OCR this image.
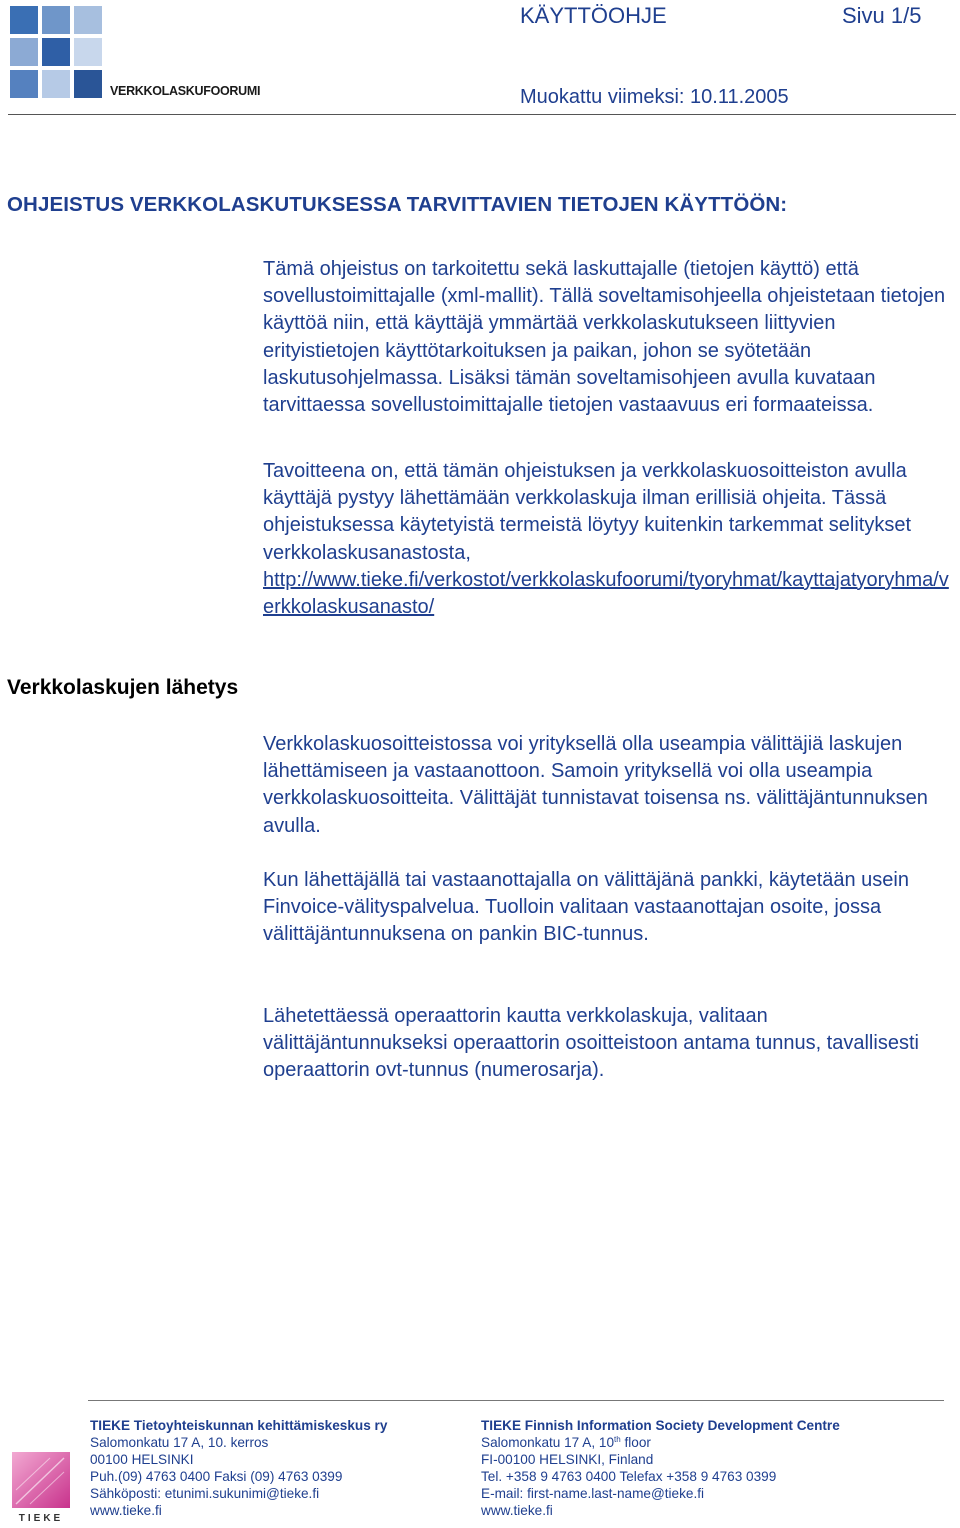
VERKKOLASKUFOORUMI
KÄYTTÖOHJE	Sivu 1/5
Muokattu viimeksi: 10.11.2005
OHJEISTUS VERKKOLASKUTUKSESSA TARVITTAVIEN TIETOJEN KÄYTTÖÖN:

Tämä ohjeistus on tarkoitettu sekä laskuttajalle (tietojen käyttö) että sovellustoimittajalle (xml-mallit). Tällä soveltamisohjeella ohjeistetaan tietojen käyttöä niin, että käyttäjä ymmärtää verkkolaskutukseen liittyvien erityistietojen käyttötarkoituksen ja paikan, johon se syötetään laskutusohjelmassa. Lisäksi tämän soveltamisohjeen avulla kuvataan tarvittaessa sovellustoimittajalle tietojen vastaavuus eri formaateissa.

Tavoitteena on, että tämän ohjeistuksen ja verkkolaskuosoitteiston avulla käyttäjä pystyy lähettämään verkkolaskuja ilman erillisiä ohjeita. Tässä ohjeistuksessa käytetyistä termeistä löytyy kuitenkin tarkemmat selitykset verkkolaskusanastosta,
http://www.tieke.fi/verkostot/verkkolaskufoorumi/tyoryhmat/kayttajatyoryhma/verkkolaskusanasto/

Verkkolaskujen lähetys

Verkkolaskuosoitteistossa voi yrityksellä olla useampia välittäjiä laskujen lähettämiseen ja vastaanottoon. Samoin yrityksellä voi olla useampia verkkolaskuosoitteita. Välittäjät tunnistavat toisensa ns. välittäjäntunnuksen avulla.

Kun lähettäjällä tai vastaanottajalla on välittäjänä pankki, käytetään usein Finvoice-välityspalvelua. Tuolloin valitaan vastaanottajan osoite, jossa välittäjäntunnuksena on pankin BIC-tunnus.

Lähetettäessä operaattorin kautta verkkolaskuja, valitaan välittäjäntunnukseksi operaattorin osoitteistoon antama tunnus, tavallisesti operaattorin ovt-tunnus (numerosarja).

TIEKE Tietoyhteiskunnan kehittämiskeskus ry
Salomonkatu 17 A, 10. kerros
00100 HELSINKI
Puh.(09) 4763 0400 Faksi (09) 4763 0399
Sähköposti: etunimi.sukunimi@tieke.fi
www.tieke.fi
TIEKE Finnish Information Society Development Centre
Salomonkatu 17 A, 10th floor
FI-00100 HELSINKI, Finland
Tel. +358 9 4763 0400 Telefax +358 9 4763 0399
E-mail: first-name.last-name@tieke.fi
www.tieke.fi
TIEKE
